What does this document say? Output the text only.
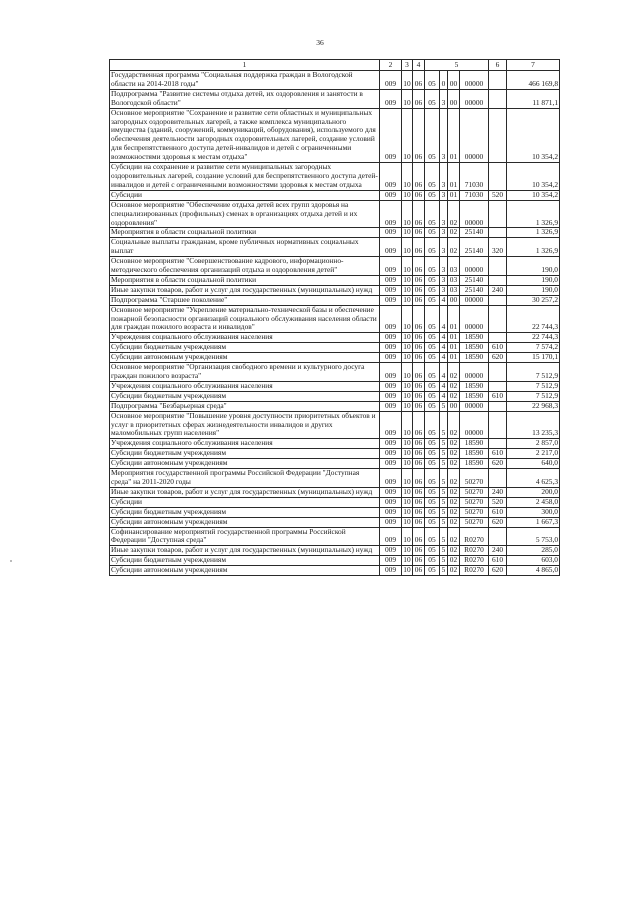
36
1	2	3	4	5				6	7
Государственная программа "Социальная поддержка граждан в Вологодской области на 2014-2018 годы"	009	10	06	05	0	00	00000		466 169,8
Подпрограмма "Развитие системы отдыха детей, их оздоровления и занятости в Вологодской области"	009	10	06	05	3	00	00000		11 871,1
Основное мероприятие "Сохранение и развитие сети областных и муниципальных загородных оздоровительных лагерей, а также комплекса муниципального имущества (зданий, сооружений, коммуникаций, оборудования), используемого для обеспечения деятельности загородных оздоровительных лагерей, создание условий для беспрепятственного доступа детей-инвалидов и детей с ограниченными возможностями здоровья к местам отдыха"	009	10	06	05	3	01	00000		10 354,2
Субсидии на сохранение и развитие сети муниципальных загородных оздоровительных лагерей, создание условий для беспрепятственного доступа детей-инвалидов и детей с ограниченными возможностями здоровья к местам отдыха	009	10	06	05	3	01	71030		10 354,2
Субсидии	009	10	06	05	3	01	71030	520	10 354,2
Основное мероприятие "Обеспечение отдыха детей всех групп здоровья на специализированных (профильных) сменах в организациях отдыха детей и их оздоровления"	009	10	06	05	3	02	00000		1 326,9
Мероприятия в области социальной политики	009	10	06	05	3	02	25140		1 326,9
Социальные выплаты гражданам, кроме публичных нормативных социальных выплат	009	10	06	05	3	02	25140	320	1 326,9
Основное мероприятие "Совершенствование кадрового, информационно-методического обеспечения организаций отдыха и оздоровления детей"	009	10	06	05	3	03	00000		190,0
Мероприятия в области социальной политики	009	10	06	05	3	03	25140		190,0
Иные закупки товаров, работ и услуг для государственных (муниципальных) нужд	009	10	06	05	3	03	25140	240	190,0
Подпрограмма "Старшее поколение"	009	10	06	05	4	00	00000		30 257,2
Основное мероприятие "Укрепление материально-технической базы и обеспечение пожарной безопасности организаций социального обслуживания населения области для граждан пожилого возраста и инвалидов"	009	10	06	05	4	01	00000		22 744,3
Учреждения социального обслуживания населения	009	10	06	05	4	01	18590		22 744,3
Субсидии бюджетным учреждениям	009	10	06	05	4	01	18590	610	7 574,2
Субсидии автономным учреждениям	009	10	06	05	4	01	18590	620	15 170,1
Основное мероприятие "Организация свободного времени и культурного досуга граждан пожилого возраста"	009	10	06	05	4	02	00000		7 512,9
Учреждения социального обслуживания населения	009	10	06	05	4	02	18590		7 512,9
Субсидии бюджетным учреждениям	009	10	06	05	4	02	18590	610	7 512,9
Подпрограмма "Безбарьерная среда"	009	10	06	05	5	00	00000		22 968,3
Основное мероприятие "Повышение уровня доступности приоритетных объектов и услуг в приоритетных сферах жизнедеятельности инвалидов и других маломобильных групп населения"	009	10	06	05	5	02	00000		13 235,3
Учреждения социального обслуживания населения	009	10	06	05	5	02	18590		2 857,0
Субсидии бюджетным учреждениям	009	10	06	05	5	02	18590	610	2 217,0
Субсидии автономным учреждениям	009	10	06	05	5	02	18590	620	640,0
Мероприятия государственной программы Российской Федерации "Доступная среда" на 2011-2020 годы	009	10	06	05	5	02	50270		4 625,3
Иные закупки товаров, работ и услуг для государственных (муниципальных) нужд	009	10	06	05	5	02	50270	240	200,0
Субсидии	009	10	06	05	5	02	50270	520	2 458,0
Субсидии бюджетным учреждениям	009	10	06	05	5	02	50270	610	300,0
Субсидии автономным учреждениям	009	10	06	05	5	02	50270	620	1 667,3
Софинансирование мероприятий государственной программы Российской Федерации "Доступная среда"	009	10	06	05	5	02	R0270		5 753,0
Иные закупки товаров, работ и услуг для государственных (муниципальных) нужд	009	10	06	05	5	02	R0270	240	285,0
Субсидии бюджетным учреждениям	009	10	06	05	5	02	R0270	610	603,0
Субсидии автономным учреждениям	009	10	06	05	5	02	R0270	620	4 865,0
